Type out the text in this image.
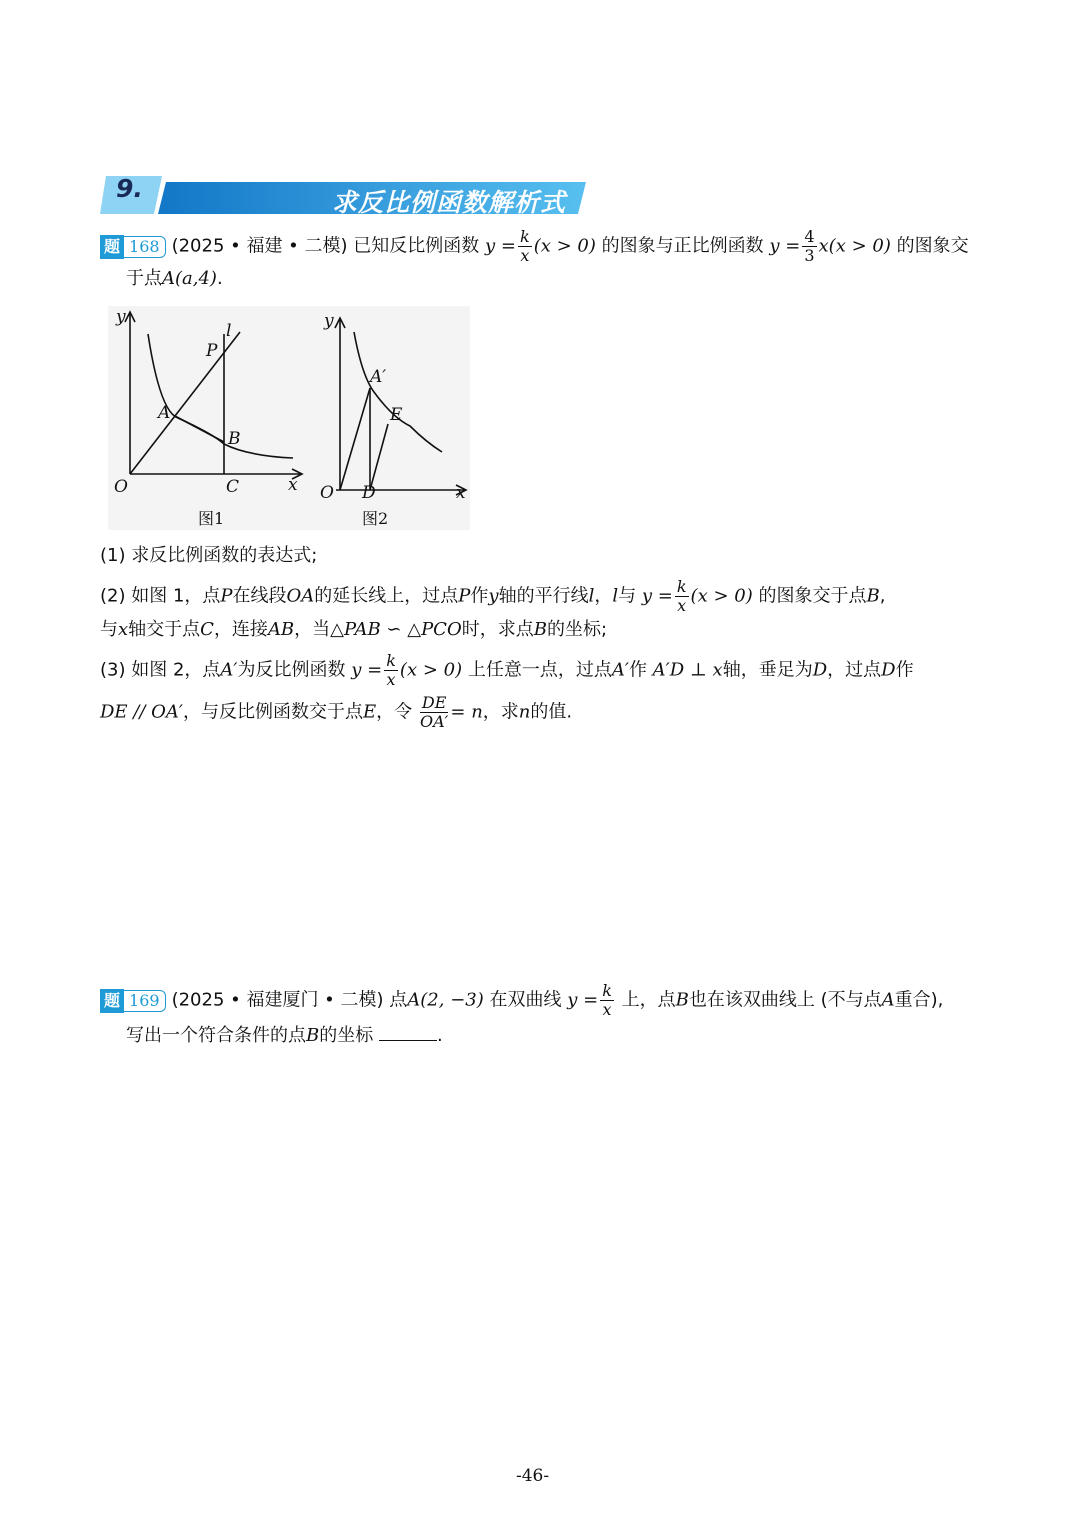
9.	求反比例函数解析式
题 168 (2025 • 福建 • 二模) 已知反比例函数 $y = \frac{k}{x} (x > 0)$ 的图象与正比例函数 $y = \frac{4}{3} x(x > 0)$ 的图象交
于点A(a,4).
y
l
P
A
B
O	C	x
y
A′
E
O D	x
图1	图2
(1) 求反比例函数的表达式;
(2) 如图 1，点P在线段OA的延长线上，过点P作y轴的平行线l，l与 $y = \frac{k}{x} (x > 0)$ 的图象交于点B,
与x轴交于点C，连接AB，当△PAB ∽ △PCO时，求点B的坐标;
(3) 如图 2，点A′为反比例函数 $y = \frac{k}{x} (x > 0)$ 上任意一点，过点A′作 A′D ⊥ x轴，垂足为D，过点D作
DE // OA′，与反比例函数交于点E，令 $\frac{DE}{OA'} = n$，求n的值.
题 169 (2025 • 福建厦门 • 二模) 点A(2, −3) 在双曲线 $y = \frac{k}{x}$ 上，点B也在该双曲线上 (不与点A重合),
写出一个符合条件的点B的坐标	.
-46-
